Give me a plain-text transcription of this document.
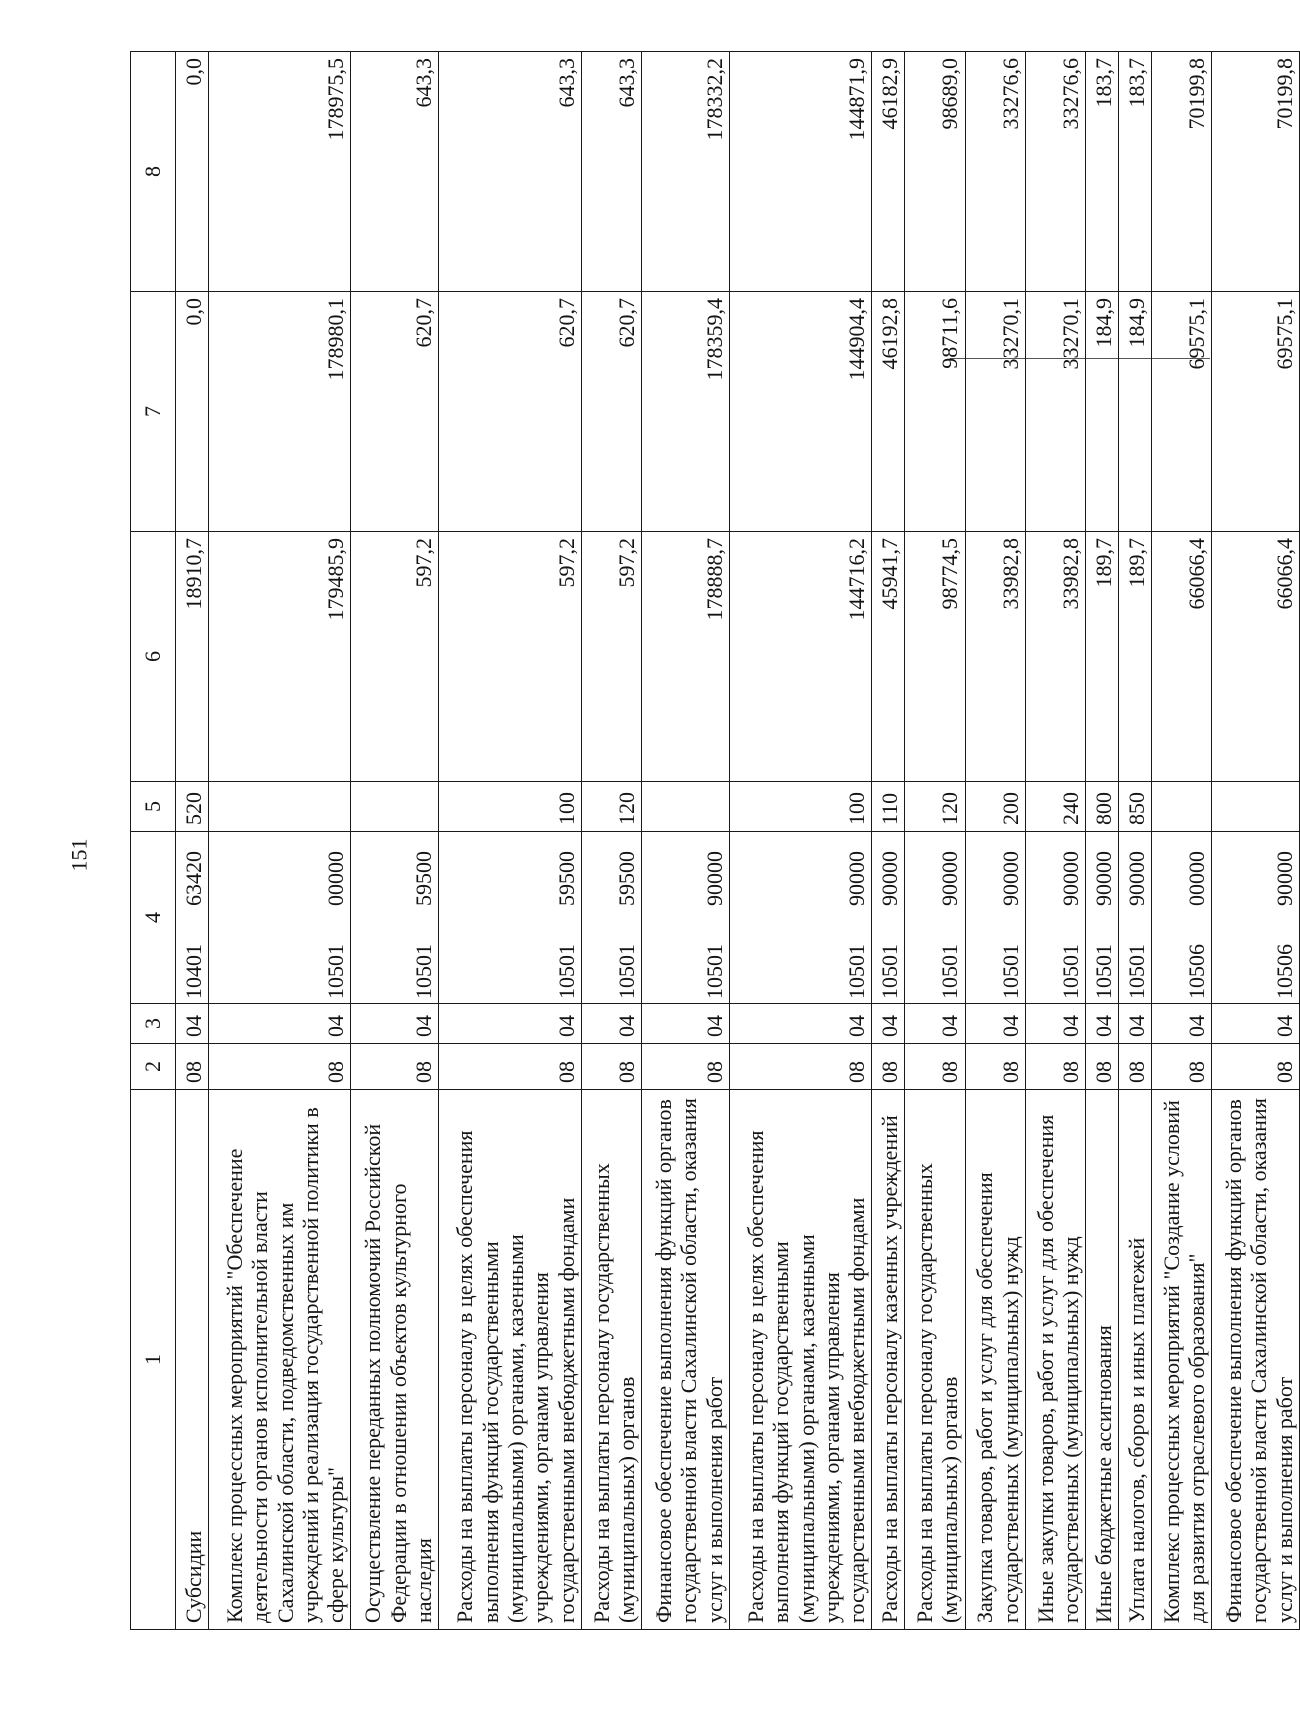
151
1	2	3	4	5	6	7	8
Субсидии	08	04	1040163420	520	18910,7	0,0	0,0
Комплекс процессных мероприятий "Обеспечение деятельности органов исполнительной власти Сахалинской области, подведомственных им учреждений и реализация государственной политики в сфере культуры"	08	04	1050100000		179485,9	178980,1	178975,5
Осуществление переданных полномочий Российской Федерации в отношении объектов культурного наследия	08	04	1050159500		597,2	620,7	643,3
Расходы на выплаты персоналу в целях обеспечения выполнения функций государственными (муниципальными) органами, казенными учреждениями, органами управления государственными внебюджетными фондами	08	04	1050159500	100	597,2	620,7	643,3
Расходы на выплаты персоналу государственных (муниципальных) органов	08	04	1050159500	120	597,2	620,7	643,3
Финансовое обеспечение выполнения функций органов государственной власти Сахалинской области, оказания услуг и выполнения работ	08	04	1050190000		178888,7	178359,4	178332,2
Расходы на выплаты персоналу в целях обеспечения выполнения функций государственными (муниципальными) органами, казенными учреждениями, органами управления государственными внебюджетными фондами	08	04	1050190000	100	144716,2	144904,4	144871,9
Расходы на выплаты персоналу казенных учреждений	08	04	1050190000	110	45941,7	46192,8	46182,9
Расходы на выплаты персоналу государственных (муниципальных) органов	08	04	1050190000	120	98774,5	98711,6	98689,0
Закупка товаров, работ и услуг для обеспечения государственных (муниципальных) нужд	08	04	1050190000	200	33982,8	33270,1	33276,6
Иные закупки товаров, работ и услуг для обеспечения государственных (муниципальных) нужд	08	04	1050190000	240	33982,8	33270,1	33276,6
Иные бюджетные ассигнования	08	04	1050190000	800	189,7	184,9	183,7
Уплата налогов, сборов и иных платежей	08	04	1050190000	850	189,7	184,9	183,7
Комплекс процессных мероприятий "Создание условий для развития отраслевого образования"	08	04	1050600000		66066,4	69575,1	70199,8
Финансовое обеспечение выполнения функций органов государственной власти Сахалинской области, оказания услуг и выполнения работ	08	04	1050690000		66066,4	69575,1	70199,8
